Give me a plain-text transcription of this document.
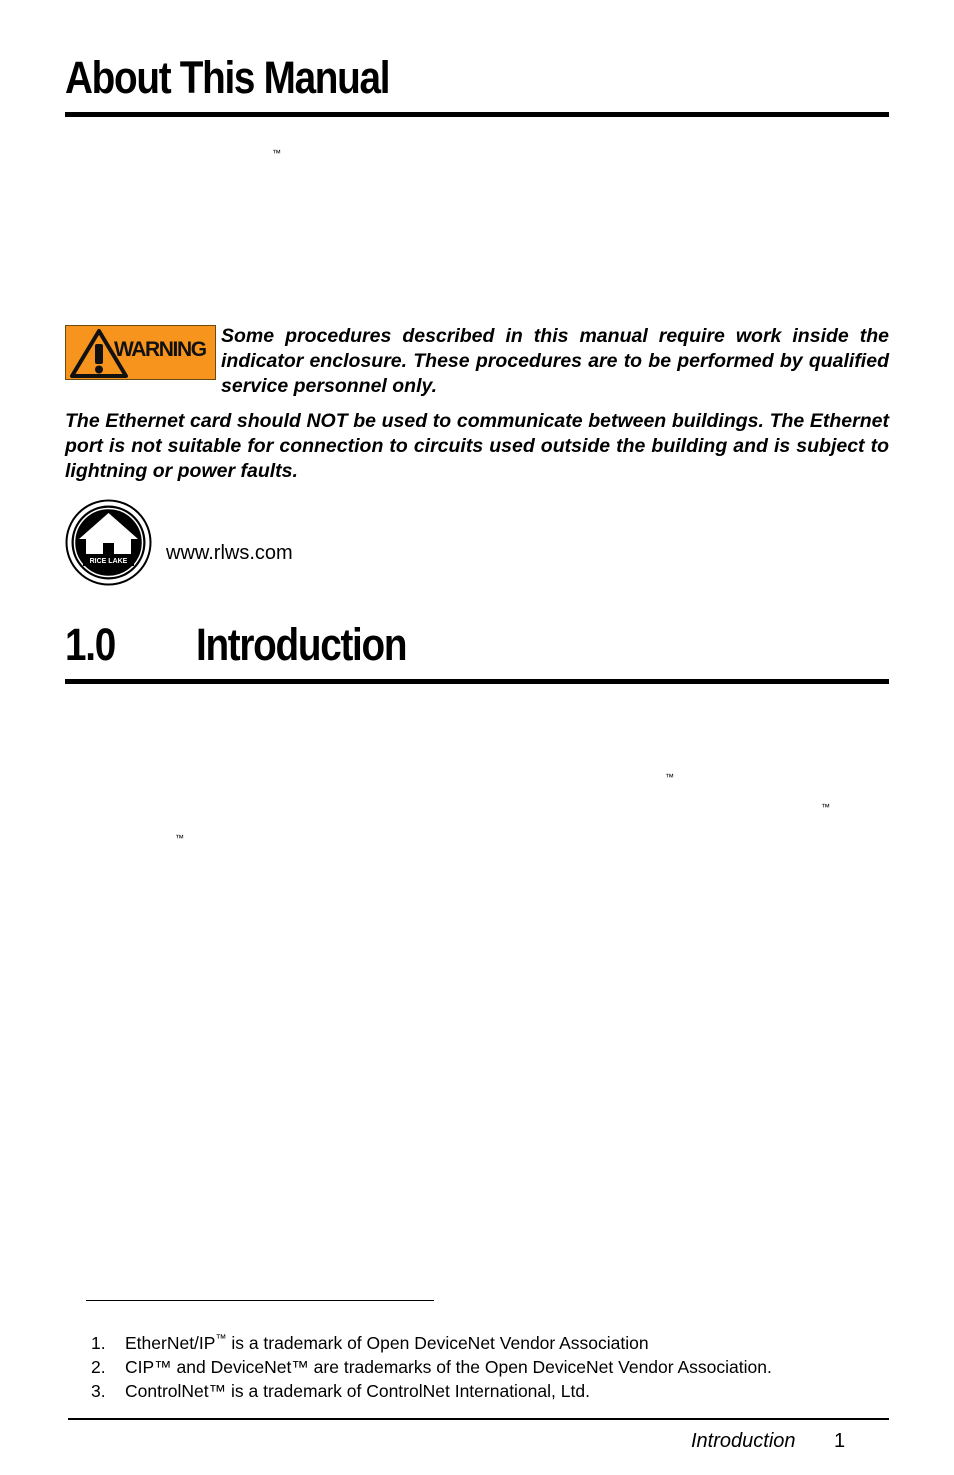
About This Manual
™
WARNING
Some procedures described in this manual require work inside the indicator enclosure. These procedures are to be performed by qualified service personnel only.
The Ethernet card should NOT be used to communicate between buildings. The Ethernet port is not suitable for connection to circuits used outside the building and is subject to lightning or power faults.
RICE LAKE www.rlws.com
1.0 Introduction
™
™
™
1. EtherNet/IP™ is a trademark of Open DeviceNet Vendor Association
2. CIP™ and DeviceNet™ are trademarks of the Open DeviceNet Vendor Association.
3. ControlNet™ is a trademark of ControlNet International, Ltd.
Introduction 1
